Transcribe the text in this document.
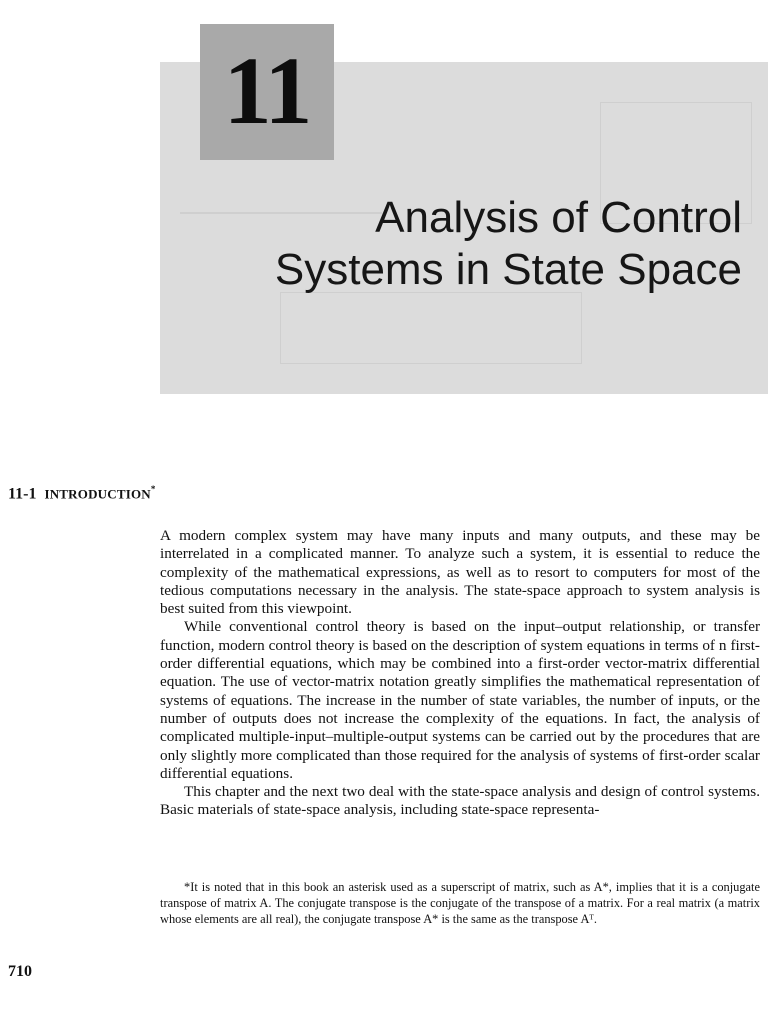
11
Analysis of Control
Systems in State Space
11-1 INTRODUCTION*

A modern complex system may have many inputs and many outputs, and these may be interrelated in a complicated manner. To analyze such a system, it is essential to reduce the complexity of the mathematical expressions, as well as to resort to computers for most of the tedious computations necessary in the analysis. The state-space approach to system analysis is best suited from this viewpoint.

While conventional control theory is based on the input–output relationship, or transfer function, modern control theory is based on the description of system equations in terms of n first-order differential equations, which may be combined into a first-order vector-matrix differential equation. The use of vector-matrix notation greatly simplifies the mathematical representation of systems of equations. The increase in the number of state variables, the number of inputs, or the number of outputs does not increase the complexity of the equations. In fact, the analysis of complicated multiple-input–multiple-output systems can be carried out by the procedures that are only slightly more complicated than those required for the analysis of systems of first-order scalar differential equations.

This chapter and the next two deal with the state-space analysis and design of control systems. Basic materials of state-space analysis, including state-space representa-

*It is noted that in this book an asterisk used as a superscript of matrix, such as A*, implies that it is a conjugate transpose of matrix A. The conjugate transpose is the conjugate of the transpose of a matrix. For a real matrix (a matrix whose elements are all real), the conjugate transpose A* is the same as the transpose Aᵀ.
710
